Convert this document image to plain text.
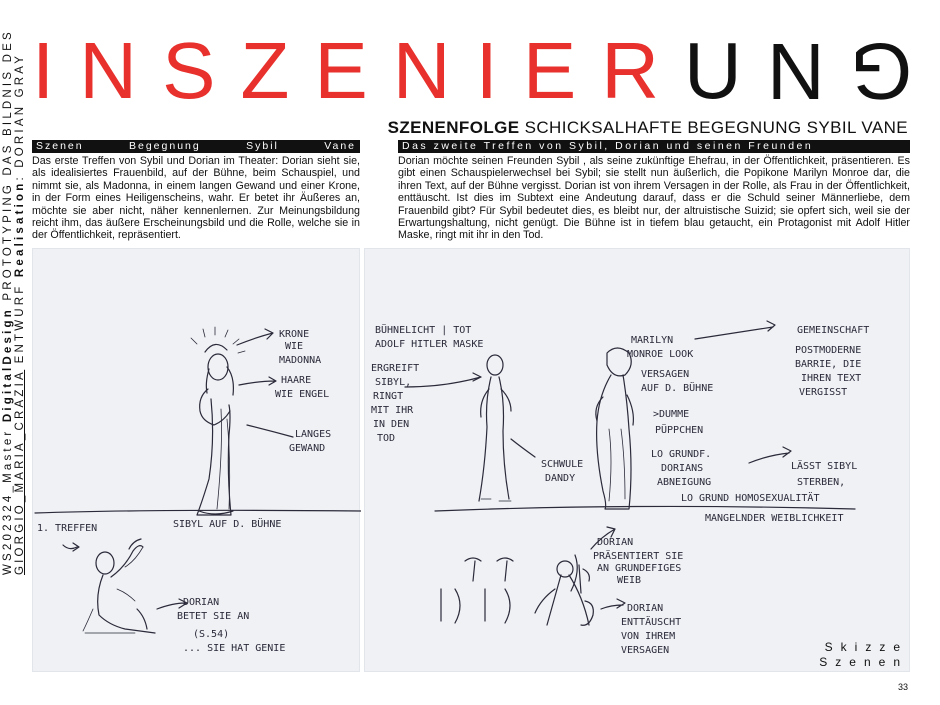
WS202324_Master DigitalDesign PROTOTYPING DAS BILDNIS DES
GIORGIO_MARIA_CRAZIA ENTWURF Realisation: DORIAN GRAY I N S Z E N I E R U N G
SZENENFOLGE SCHICKSALHAFTE BEGEGNUNG SYBIL VANE
Szenen	Begegnung	Sybil	Vane	Das zweite Treffen von Sybil, Dorian und seinen Freunden
Das erste Treffen von Sybil und Dorian im Theater: Dorian sieht sie, als idealisiertes Frauenbild, auf der Bühne, beim Schauspiel, und nimmt sie, als Madonna, in einem langen Gewand und einer Krone, in der Form eines Heiligenscheins, wahr. Er betet ihr Äußeres an, möchte sie aber nicht, näher kennenlernen. Zur Meinungsbildung reicht ihm, das äußere Erscheinungsbild und die Rolle, welche sie in der Öffentlichkeit, repräsentiert.
Dorian möchte seinen Freunden Sybil , als seine zukünftige Ehefrau, in der Öffentlichkeit, präsentieren. Es gibt einen Schauspielerwechsel bei Sybil; sie stellt nun äußerlich, die Popikone Marilyn Monroe dar, die ihren Text, auf der Bühne vergisst. Dorian ist von ihrem Versagen in der Rolle, als Frau in der Öffentlichkeit, enttäuscht. Ist dies im Subtext eine Andeutung darauf, dass er die Schuld seiner Männerliebe, dem Frauenbild gibt? Für Sybil bedeutet dies, es bleibt nur, der altruistische Suizid; sie opfert sich, weil sie der Erwartungshaltung, nicht genügt. Die Bühne ist in tiefem blau getaucht, ein Protagonist mit Adolf Hitler Maske, ringt mit ihr in den Tod.
KRONE
WIE
MADONNA
HAARE
WIE ENGEL
LANGES
GEWAND
1. TREFFEN	SIBYL AUF D. BÜHNE
DORIAN
BETET SIE AN
(S.54)
... SIE HAT GENIE
BÜHNELICHT | TOT
ADOLF HITLER MASKE
ERGREIFT
SIBYL,
RINGT
MIT IHR
IN DEN
TOD
MARILYN
MONROE LOOK
VERSAGEN
AUF D. BÜHNE
SCHWULE
DANDY
>DUMME
PÜPPCHEN
LO GRUNDF.
DORIANS
ABNEIGUNG
LO GRUND HOMOSEXUALITÄT
GEMEINSCHAFT
POSTMODERNE
BARRIE, DIE
IHREN TEXT
VERGISST
LÄSST SIBYL
STERBEN,
MANGELNDER WEIBLICHKEIT
DORIAN
PRÄSENTIERT SIE
AN GRUNDEFIGES
WEIB
DORIAN
ENTTÄUSCHT
VON IHREM
VERSAGEN	Skizze
Szenen
33
